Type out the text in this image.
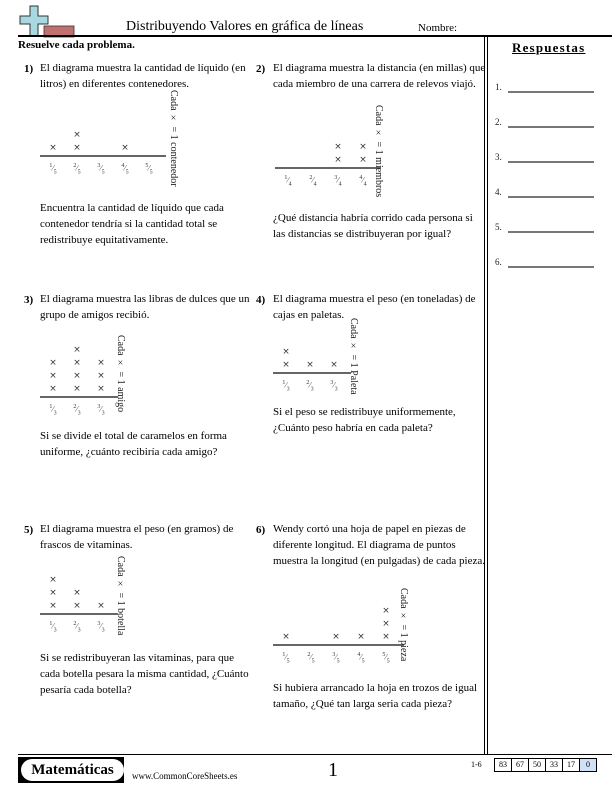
Distribuyendo Valores en gráfica de líneas	Nombre:
Resuelve cada problema.	Respuestas
1.
2.
3.
4.
5.
6.
1) El diagrama muestra la cantidad de líquido (en litros) en diferentes contenedores.
Encuentra la cantidad de líquido que cada contenedor tendría si la cantidad total se redistribuye equitativamente.
$^1⁄_5$
×
$^2⁄_5$
×
×
$^3⁄_5$
$^4⁄_5$
×
$^5⁄_5$	Cada × = 1 contenedor
2) El diagrama muestra la distancia (en millas) que cada miembro de una carrera de relevos viajó.
¿Qué distancia habría corrido cada persona si las distancias se distribuyeran por igual?
$^1⁄_4$
$^2⁄_4$
$^3⁄_4$
×
×
$^4⁄_4$
×
× Cada × = 1 miembros
3) El diagrama muestra las libras de dulces que un grupo de amigos recibió.
Si se divide el total de caramelos en forma uniforme, ¿cuánto recibiría cada amigo?
$^1⁄_3$
×
×
×
$^2⁄_3$
×
×
×
×
$^3⁄_3$
×
×
×	Cada × = 1 amigo
4) El diagrama muestra el peso (en toneladas) de cajas en paletas.
Si el peso se redistribuye uniformemente, ¿Cuánto peso habría en cada paleta?
$^1⁄_3$
×
×
$^2⁄_3$
×
$^3⁄_3$
×	Cada × = 1 Paleta
5) El diagrama muestra el peso (en gramos) de frascos de vitaminas.
Si se redistribuyeran las vitaminas, para que cada botella pesara la misma cantidad, ¿Cuánto pesaría cada botella?
$^1⁄_3$
×
×
×
$^2⁄_3$
×
×
$^3⁄_3$
×	Cada × = 1 botella
6) Wendy cortó una hoja de papel en piezas de diferente longitud. El diagrama de puntos muestra la longitud (en pulgadas) de cada pieza.
Si hubiera arrancado la hoja en trozos de igual tamaño, ¿Qué tan larga seria cada pieza?
$^1⁄_5$
×
$^2⁄_5$
$^3⁄_5$
×
$^4⁄_5$
×
$^5⁄_5$
×
×
× Cada × = 1 pieza
Matemáticas	www.CommonCoreSheets.es	1	1-6	83	67	50	33	17	0
